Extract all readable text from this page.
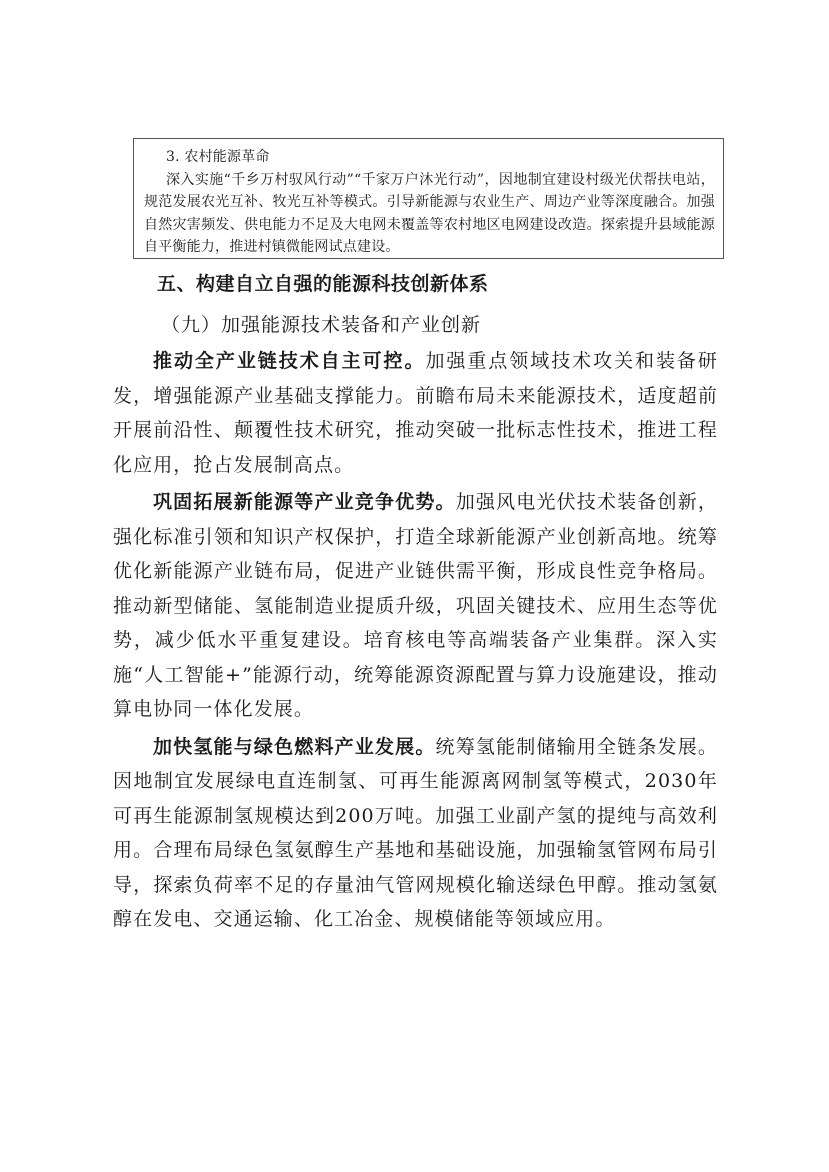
3. 农村能源革命
深入实施“千乡万村驭风行动”“千家万户沐光行动”，因地制宜建设村级光伏帮扶电站，规范发展农光互补、牧光互补等模式。引导新能源与农业生产、周边产业等深度融合。加强自然灾害频发、供电能力不足及大电网未覆盖等农村地区电网建设改造。探索提升县域能源自平衡能力，推进村镇微能网试点建设。
五、构建自立自强的能源科技创新体系
（九）加强能源技术装备和产业创新

推动全产业链技术自主可控。加强重点领域技术攻关和装备研发，增强能源产业基础支撑能力。前瞻布局未来能源技术，适度超前开展前沿性、颠覆性技术研究，推动突破一批标志性技术，推进工程化应用，抢占发展制高点。

巩固拓展新能源等产业竞争优势。加强风电光伏技术装备创新，强化标准引领和知识产权保护，打造全球新能源产业创新高地。统筹优化新能源产业链布局，促进产业链供需平衡，形成良性竞争格局。推动新型储能、氢能制造业提质升级，巩固关键技术、应用生态等优势，减少低水平重复建设。培育核电等高端装备产业集群。深入实施“人工智能+”能源行动，统筹能源资源配置与算力设施建设，推动算电协同一体化发展。

加快氢能与绿色燃料产业发展。统筹氢能制储输用全链条发展。因地制宜发展绿电直连制氢、可再生能源离网制氢等模式，2030年可再生能源制氢规模达到200万吨。加强工业副产氢的提纯与高效利用。合理布局绿色氢氨醇生产基地和基础设施，加强输氢管网布局引导，探索负荷率不足的存量油气管网规模化输送绿色甲醇。推动氢氨醇在发电、交通运输、化工冶金、规模储能等领域应用。
